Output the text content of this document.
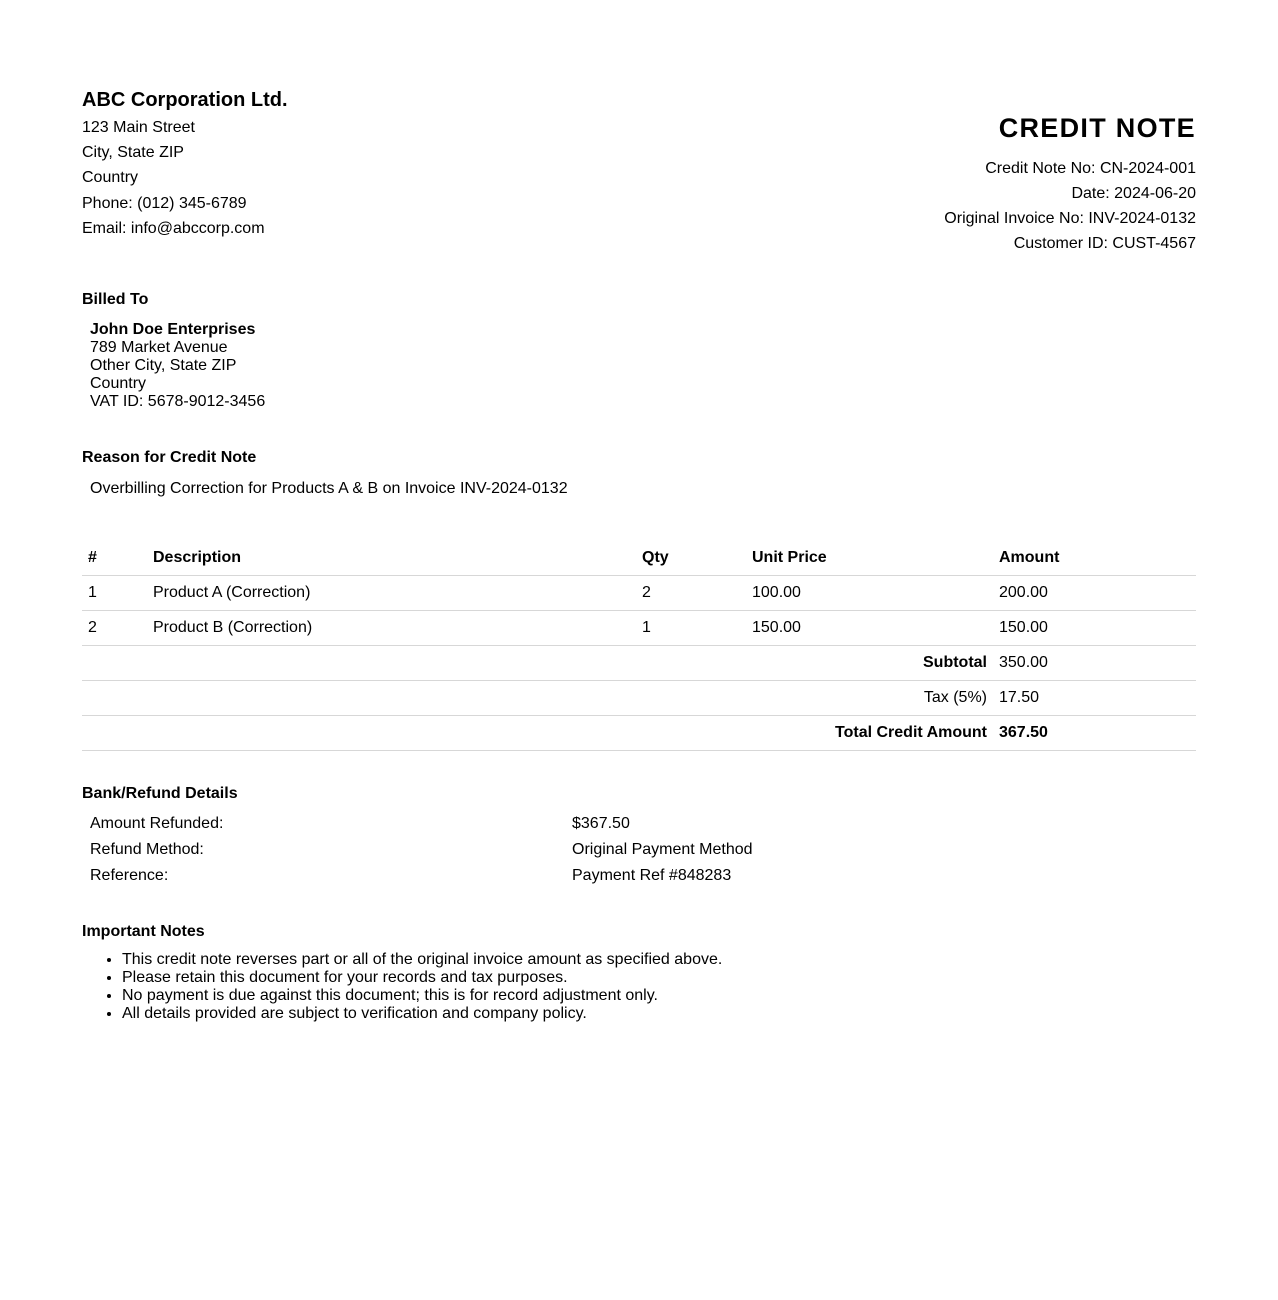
ABC Corporation Ltd.
123 Main Street
City, State ZIP
Country
Phone: (012) 345-6789
Email: info@abccorp.com
CREDIT NOTE
Credit Note No: CN-2024-001
Date: 2024-06-20
Original Invoice No: INV-2024-0132
Customer ID: CUST-4567
Billed To
John Doe Enterprises
789 Market Avenue
Other City, State ZIP
Country
VAT ID: 5678-9012-3456
Reason for Credit Note
Overbilling Correction for Products A & B on Invoice INV-2024-0132
#	Description	Qty	Unit Price	Amount
1	Product A (Correction)	2	100.00	200.00
2	Product B (Correction)	1	150.00	150.00
Subtotal				350.00
Tax (5%)				17.50
Total Credit Amount				367.50
Bank/Refund Details
Amount Refunded:	$367.50
Refund Method:	Original Payment Method
Reference:	Payment Ref #848283
Important Notes
• This credit note reverses part or all of the original invoice amount as specified above.
• Please retain this document for your records and tax purposes.
• No payment is due against this document; this is for record adjustment only.
• All details provided are subject to verification and company policy.
